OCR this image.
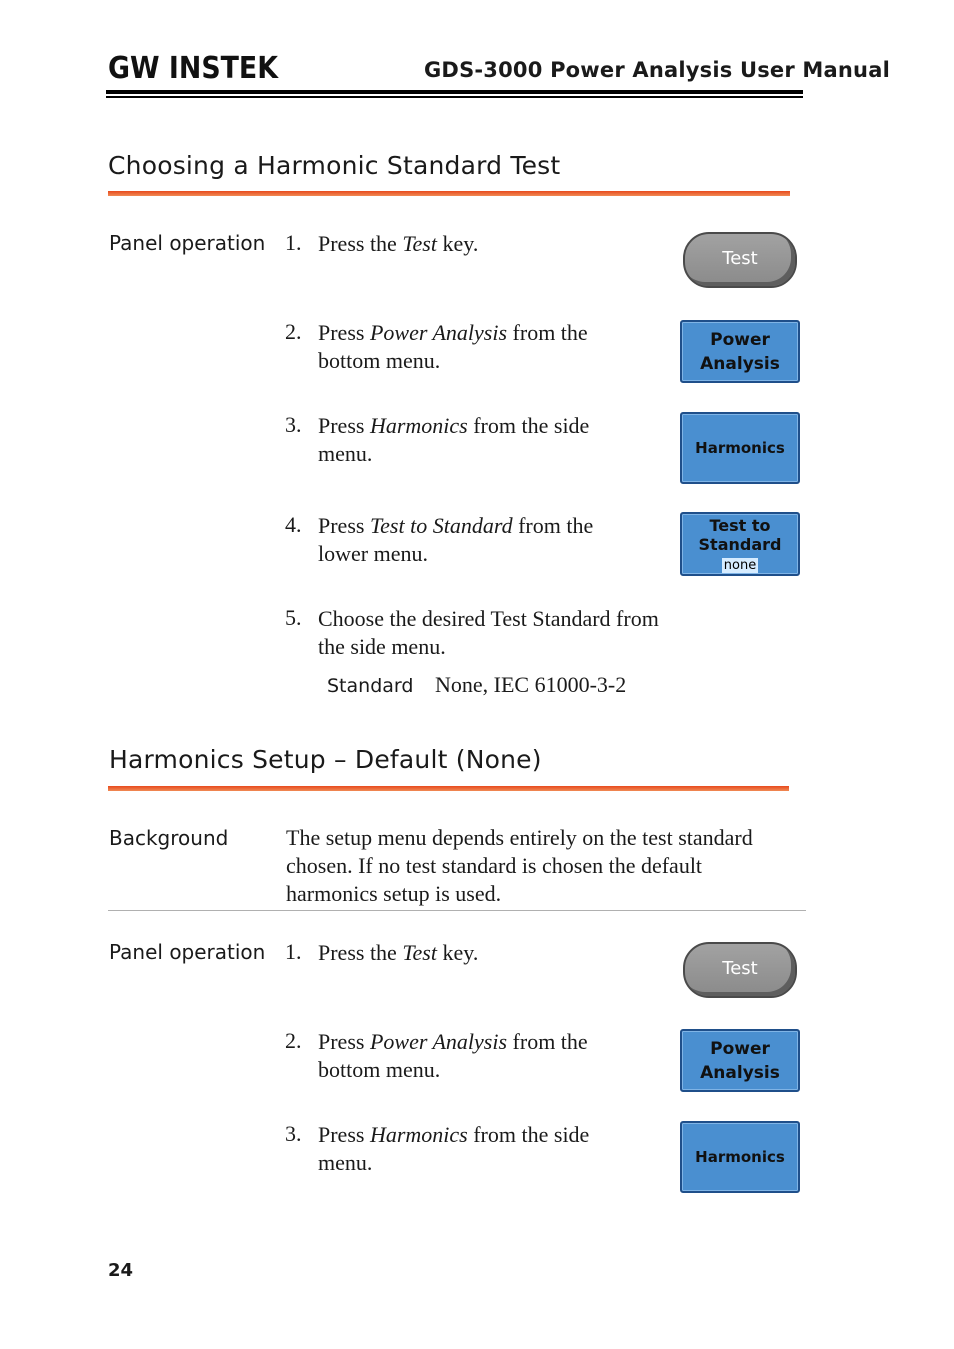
GW INSTEK	GDS-3000 Power Analysis User Manual
Choosing a Harmonic Standard Test
Panel operation 1. Press the Test key.
Test
2. Press Power Analysis from the bottom menu.
Power
Analysis
3. Press Harmonics from the side menu.	Harmonics
4. Press Test to Standard from the lower menu.
Test to
Standard
none
5. Choose the desired Test Standard from the side menu.
Standard None, IEC 61000-3-2
Harmonics Setup – Default (None)
Background	The setup menu depends entirely on the test standard chosen. If no test standard is chosen the default harmonics setup is used.
Panel operation 1. Press the Test key.
Test
2. Press Power Analysis from the bottom menu.
Power
Analysis
3. Press Harmonics from the side menu.	Harmonics
24
